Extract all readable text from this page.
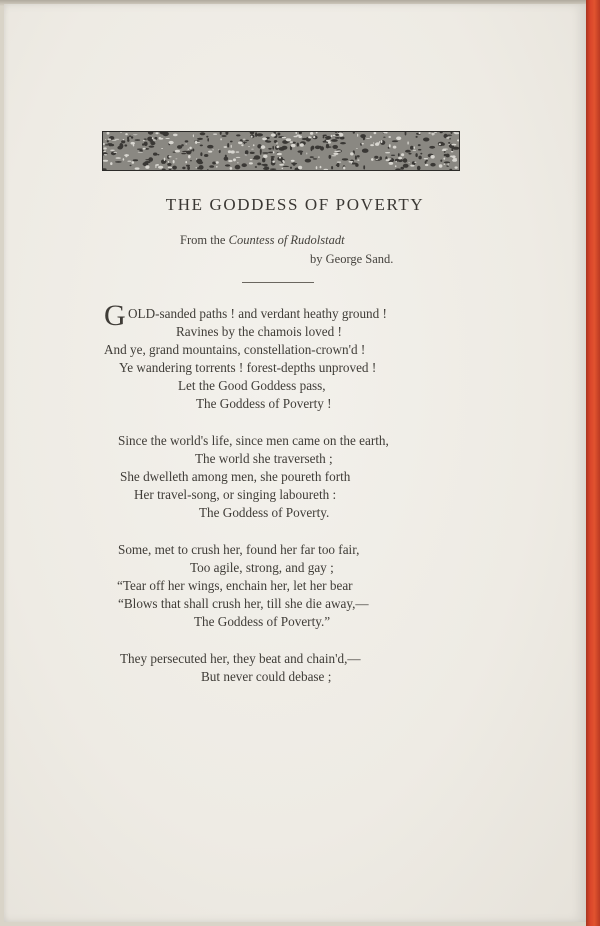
THE GODDESS OF POVERTY
From the Countess of Rudolstadt
by George Sand.
G OLD-sanded paths ! and verdant heathy ground !
Ravines by the chamois loved !
And ye, grand mountains, constellation-crown'd !
Ye wandering torrents ! forest-depths unproved !
Let the Good Goddess pass,
The Goddess of Poverty !
Since the world's life, since men came on the earth,
The world she traverseth ;
She dwelleth among men, she poureth forth
Her travel-song, or singing laboureth :
The Goddess of Poverty.
Some, met to crush her, found her far too fair,
Too agile, strong, and gay ;
“Tear off her wings, enchain her, let her bear
“Blows that shall crush her, till she die away,—
The Goddess of Poverty.”
They persecuted her, they beat and chain'd,—
But never could debase ;
